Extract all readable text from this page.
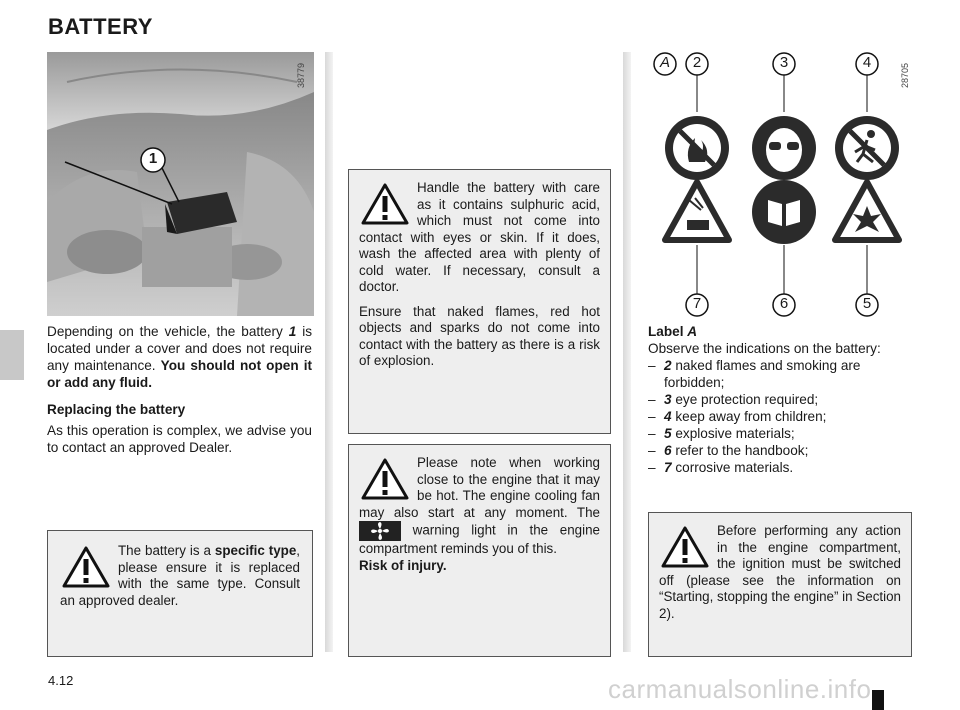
BATTERY
1
38779

Depending on the vehicle, the battery 1 is located under a cover and does not require any maintenance. You should not open it or add any fluid.

Replacing the battery

As this operation is complex, we advise you to contact an approved Dealer.

The battery is a specific type, please ensure it is replaced with the same type. Consult an approved dealer.

Handle the battery with care as it contains sulphuric acid, which must not come into contact with eyes or skin. If it does, wash the affected area with plenty of cold water. If necessary, consult a doctor.

Ensure that naked flames, red hot objects and sparks do not come into contact with the battery as there is a risk of explosion.

Please note when working close to the engine that it may be hot. The engine cooling fan may also start at any moment. The  warning light in the engine compartment reminds you of this.
Risk of injury.

A	2	3	4
7	6	5
28705
Label A
Observe the indications on the battery:
– 2 naked flames and smoking are forbidden;
– 3 eye protection required;
– 4 keep away from children;
– 5 explosive materials;
– 6 refer to the handbook;
– 7 corrosive materials.

Before performing any action in the engine compartment, the ignition must be switched off (please see the information on “Starting, stopping the engine” in Section 2).

4.12	carmanualsonline.info
